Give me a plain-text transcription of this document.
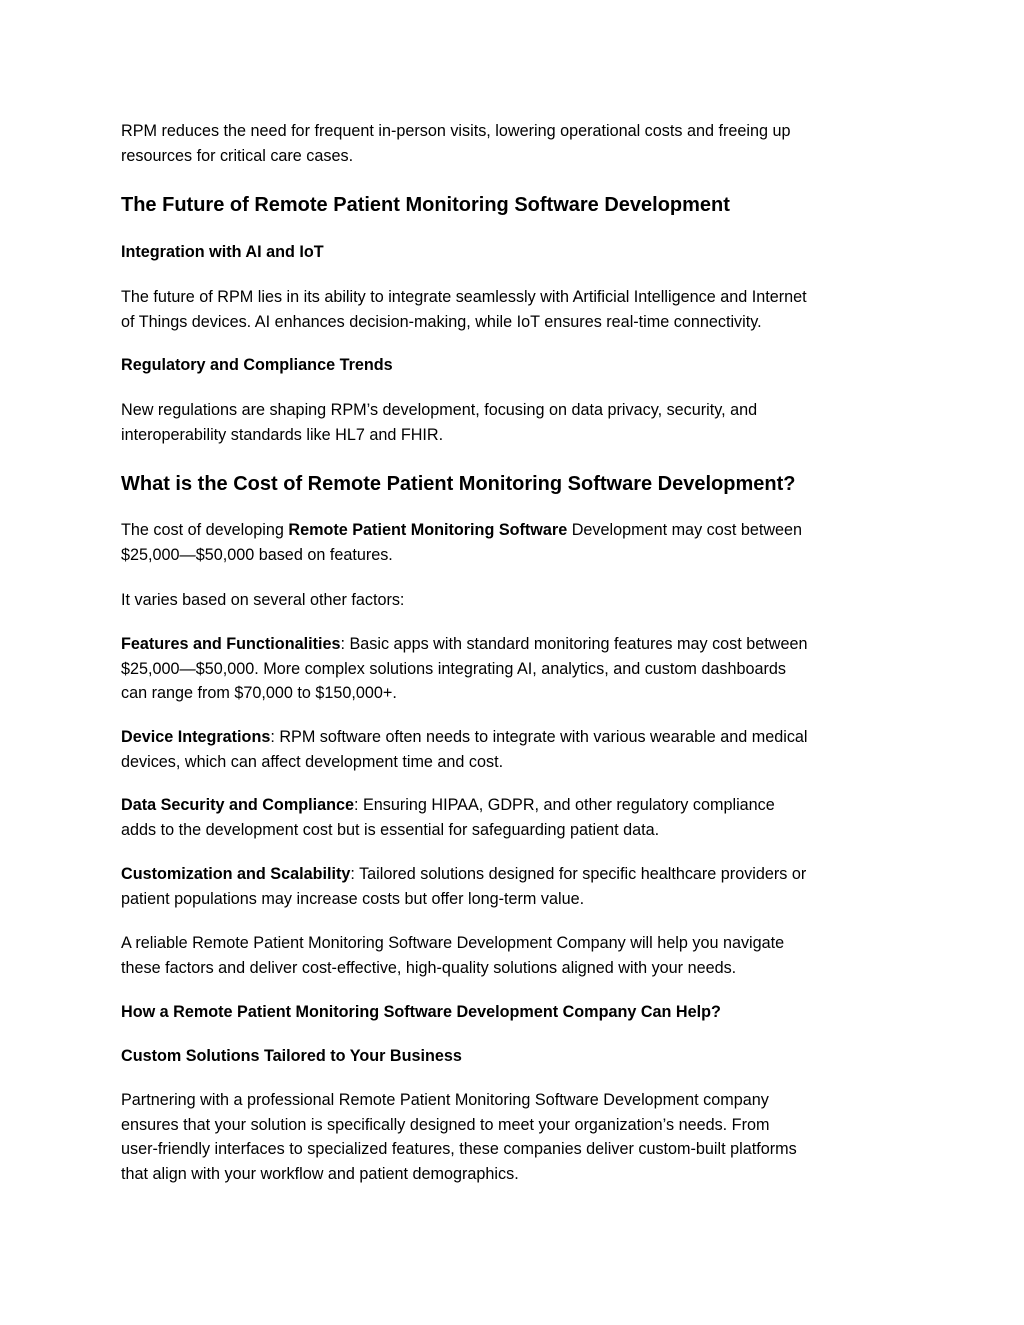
RPM reduces the need for frequent in-person visits, lowering operational costs and freeing up
resources for critical care cases.

The Future of Remote Patient Monitoring Software Development
Integration with AI and IoT

The future of RPM lies in its ability to integrate seamlessly with Artificial Intelligence and Internet
of Things devices. AI enhances decision-making, while IoT ensures real-time connectivity.

Regulatory and Compliance Trends

New regulations are shaping RPM’s development, focusing on data privacy, security, and
interoperability standards like HL7 and FHIR.

What is the Cost of Remote Patient Monitoring Software Development?

The cost of developing Remote Patient Monitoring Software Development may cost between
$25,000—$50,000 based on features.

It varies based on several other factors:

Features and Functionalities: Basic apps with standard monitoring features may cost between
$25,000—$50,000. More complex solutions integrating AI, analytics, and custom dashboards
can range from $70,000 to $150,000+.

Device Integrations: RPM software often needs to integrate with various wearable and medical
devices, which can affect development time and cost.

Data Security and Compliance: Ensuring HIPAA, GDPR, and other regulatory compliance
adds to the development cost but is essential for safeguarding patient data.

Customization and Scalability: Tailored solutions designed for specific healthcare providers or
patient populations may increase costs but offer long-term value.

A reliable Remote Patient Monitoring Software Development Company will help you navigate
these factors and deliver cost-effective, high-quality solutions aligned with your needs.

How a Remote Patient Monitoring Software Development Company Can Help?
Custom Solutions Tailored to Your Business

Partnering with a professional Remote Patient Monitoring Software Development company
ensures that your solution is specifically designed to meet your organization’s needs. From
user-friendly interfaces to specialized features, these companies deliver custom-built platforms
that align with your workflow and patient demographics.
